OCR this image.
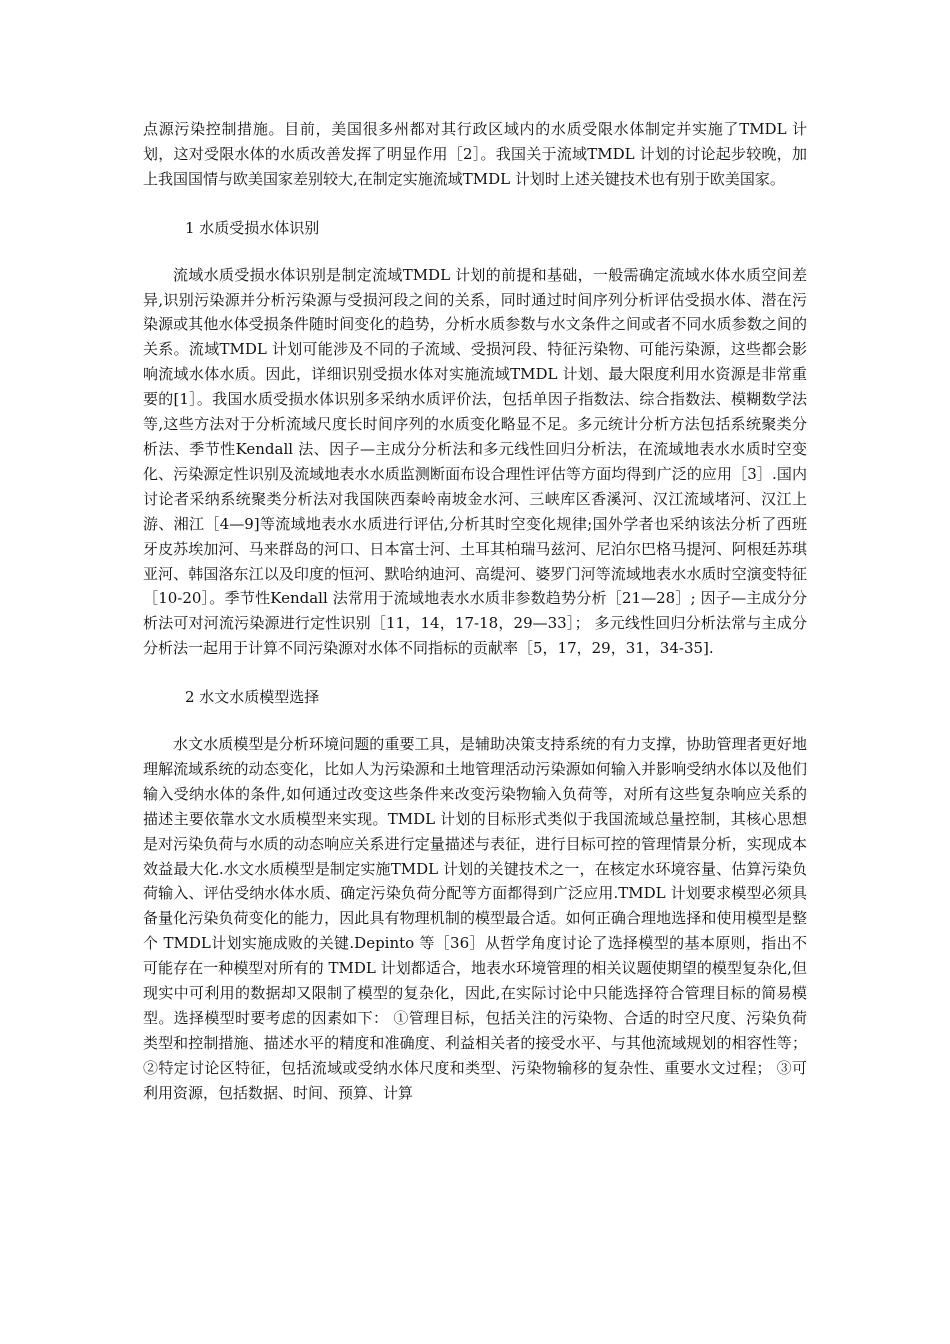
点源污染控制措施。目前，美国很多州都对其行政区域内的水质受限水体制定并实施了TMDL 计划，这对受限水体的水质改善发挥了明显作用［2］。我国关于流域TMDL 计划的讨论起步较晚，加上我国国情与欧美国家差别较大,在制定实施流域TMDL 计划时上述关键技术也有别于欧美国家。

1 水质受损水体识别

流域水质受损水体识别是制定流域TMDL 计划的前提和基础，一般需确定流域水体水质空间差异,识别污染源并分析污染源与受损河段之间的关系，同时通过时间序列分析评估受损水体、潜在污染源或其他水体受损条件随时间变化的趋势，分析水质参数与水文条件之间或者不同水质参数之间的关系。流域TMDL 计划可能涉及不同的子流域、受损河段、特征污染物、可能污染源，这些都会影响流域水体水质。因此，详细识别受损水体对实施流域TMDL 计划、最大限度利用水资源是非常重要的[1］。我国水质受损水体识别多采纳水质评价法，包括单因子指数法、综合指数法、模糊数学法等,这些方法对于分析流域尺度长时间序列的水质变化略显不足。多元统计分析方法包括系统聚类分析法、季节性Kendall 法、因子—主成分分析法和多元线性回归分析法，在流域地表水水质时空变化、污染源定性识别及流域地表水水质监测断面布设合理性评估等方面均得到广泛的应用［3］.国内讨论者采纳系统聚类分析法对我国陕西秦岭南坡金水河、三峡库区香溪河、汉江流域堵河、汉江上游、湘江［4—9]等流域地表水水质进行评估,分析其时空变化规律;国外学者也采纳该法分析了西班牙皮苏埃加河、马来群岛的河口、日本富士河、土耳其柏瑞马兹河、尼泊尔巴格马提河、阿根廷苏琪亚河、韩国洛东江以及印度的恒河、默哈纳迪河、高缇河、婆罗门河等流域地表水水质时空演变特征［10-20］。季节性Kendall 法常用于流域地表水水质非参数趋势分析［21—28］; 因子—主成分分析法可对河流污染源进行定性识别［11，14，17-18，29—33］； 多元线性回归分析法常与主成分分析法一起用于计算不同污染源对水体不同指标的贡献率［5，17，29，31，34-35].

2 水文水质模型选择

水文水质模型是分析环境问题的重要工具，是辅助决策支持系统的有力支撑，协助管理者更好地理解流域系统的动态变化，比如人为污染源和土地管理活动污染源如何输入并影响受纳水体以及他们输入受纳水体的条件,如何通过改变这些条件来改变污染物输入负荷等，对所有这些复杂响应关系的描述主要依靠水文水质模型来实现。TMDL 计划的目标形式类似于我国流域总量控制，其核心思想是对污染负荷与水质的动态响应关系进行定量描述与表征，进行目标可控的管理情景分析，实现成本效益最大化.水文水质模型是制定实施TMDL 计划的关键技术之一，在核定水环境容量、估算污染负荷输入、评估受纳水体水质、确定污染负荷分配等方面都得到广泛应用.TMDL 计划要求模型必须具备量化污染负荷变化的能力，因此具有物理机制的模型最合适。如何正确合理地选择和使用模型是整个 TMDL计划实施成败的关键.Depinto 等［36］从哲学角度讨论了选择模型的基本原则，指出不可能存在一种模型对所有的 TMDL 计划都适合，地表水环境管理的相关议题使期望的模型复杂化,但现实中可利用的数据却又限制了模型的复杂化，因此,在实际讨论中只能选择符合管理目标的简易模型。选择模型时要考虑的因素如下： ①管理目标，包括关注的污染物、合适的时空尺度、污染负荷类型和控制措施、描述水平的精度和准确度、利益相关者的接受水平、与其他流域规划的相容性等； ②特定讨论区特征，包括流域或受纳水体尺度和类型、污染物输移的复杂性、重要水文过程； ③可利用资源，包括数据、时间、预算、计算
